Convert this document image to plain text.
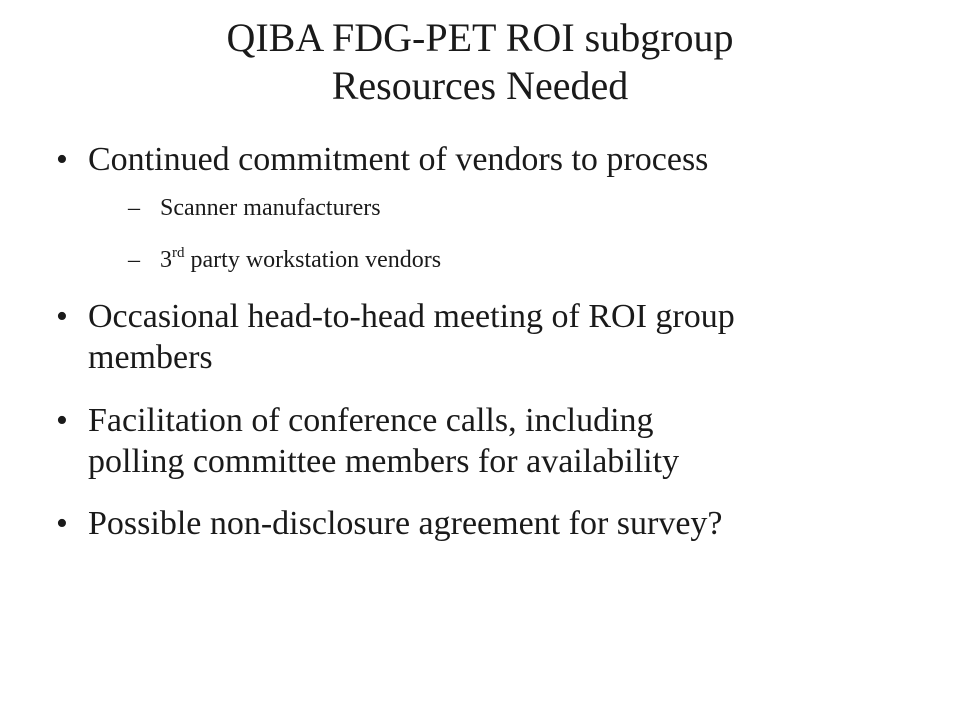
QIBA FDG-PET ROI subgroup
Resources Needed
• Continued commitment of vendors to process
– Scanner manufacturers
– 3rd party workstation vendors
• Occasional head-to-head meeting of ROI group
members
• Facilitation of conference calls, including
polling committee members for availability
• Possible non-disclosure agreement for survey?
